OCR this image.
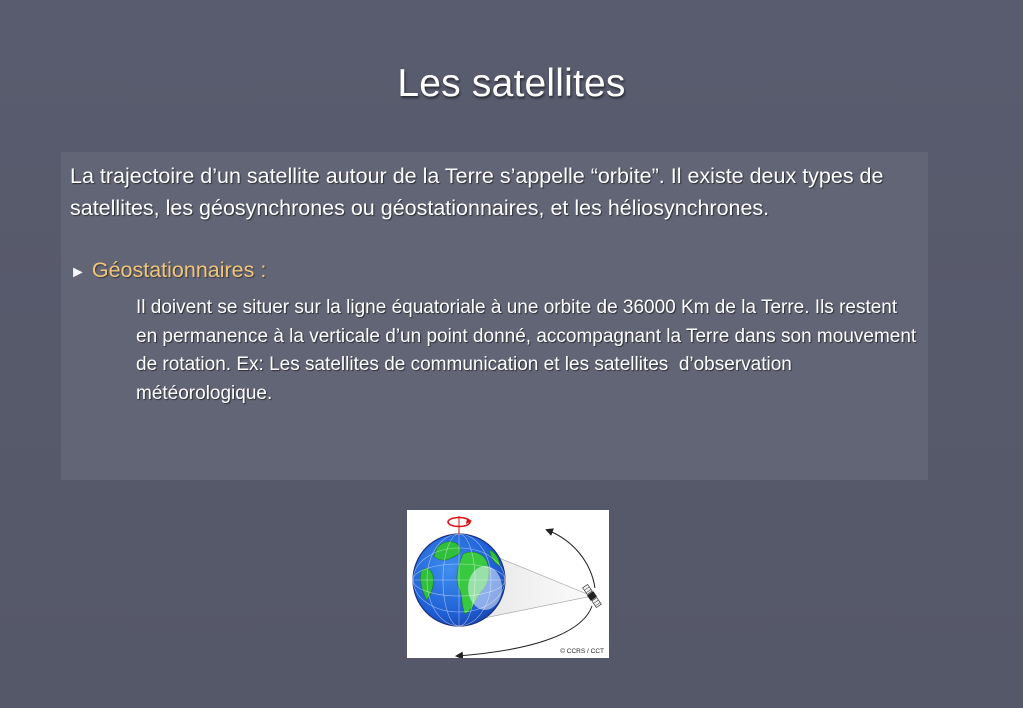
Les satellites

La trajectoire d’un satellite autour de la Terre s’appelle “orbite”. Il existe deux types de satellites, les géosynchrones ou géostationnaires, et les héliosynchrones.

► Géostationnaires :
Il doivent se situer sur la ligne équatoriale à une orbite de 36000 Km de la Terre. Ils restent en permanence à la verticale d’un point donné, accompagnant la Terre dans son mouvement de rotation. Ex: Les satellites de communication et les satellites  d’observation météorologique.
© CCRS / CCT
